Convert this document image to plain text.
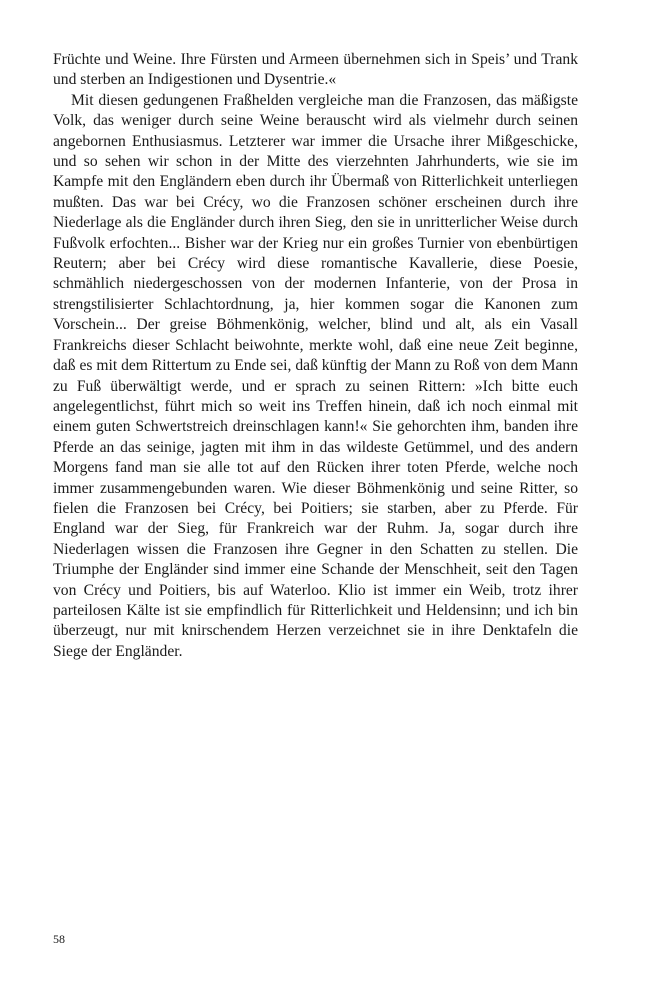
Früchte und Weine. Ihre Fürsten und Armeen übernehmen sich in Speis’ und Trank und sterben an Indigestionen und Dysentrie.«

Mit diesen gedungenen Fraßhelden vergleiche man die Franzosen, das mäßigste Volk, das weniger durch seine Weine berauscht wird als vielmehr durch seinen angebornen Enthusiasmus. Letzterer war immer die Ursache ihrer Mißgeschicke, und so sehen wir schon in der Mitte des vierzehnten Jahrhunderts, wie sie im Kampfe mit den Engländern eben durch ihr Übermaß von Ritterlichkeit unterliegen mußten. Das war bei Crécy, wo die Franzosen schöner erscheinen durch ihre Niederlage als die Engländer durch ihren Sieg, den sie in unritterlicher Weise durch Fußvolk erfochten... Bisher war der Krieg nur ein großes Turnier von ebenbürtigen Reutern; aber bei Crécy wird diese romantische Kavallerie, diese Poesie, schmählich niedergeschossen von der modernen Infanterie, von der Prosa in strengstilisierter Schlachtordnung, ja, hier kommen sogar die Kanonen zum Vorschein... Der greise Böhmenkönig, welcher, blind und alt, als ein Vasall Frankreichs dieser Schlacht beiwohnte, merkte wohl, daß eine neue Zeit beginne, daß es mit dem Rittertum zu Ende sei, daß künftig der Mann zu Roß von dem Mann zu Fuß überwältigt werde, und er sprach zu seinen Rittern: »Ich bitte euch angelegentlichst, führt mich so weit ins Treffen hinein, daß ich noch einmal mit einem guten Schwertstreich dreinschlagen kann!« Sie gehorchten ihm, banden ihre Pferde an das seinige, jagten mit ihm in das wildeste Getümmel, und des andern Morgens fand man sie alle tot auf den Rücken ihrer toten Pferde, welche noch immer zusammengebunden waren. Wie dieser Böhmenkönig und seine Ritter, so fielen die Franzosen bei Crécy, bei Poitiers; sie starben, aber zu Pferde. Für England war der Sieg, für Frankreich war der Ruhm. Ja, sogar durch ihre Niederlagen wissen die Franzosen ihre Gegner in den Schatten zu stellen. Die Triumphe der Engländer sind immer eine Schande der Menschheit, seit den Tagen von Crécy und Poitiers, bis auf Waterloo. Klio ist immer ein Weib, trotz ihrer parteilosen Kälte ist sie empfindlich für Ritterlichkeit und Heldensinn; und ich bin überzeugt, nur mit knirschendem Herzen verzeichnet sie in ihre Denktafeln die Siege der Engländer.

58
